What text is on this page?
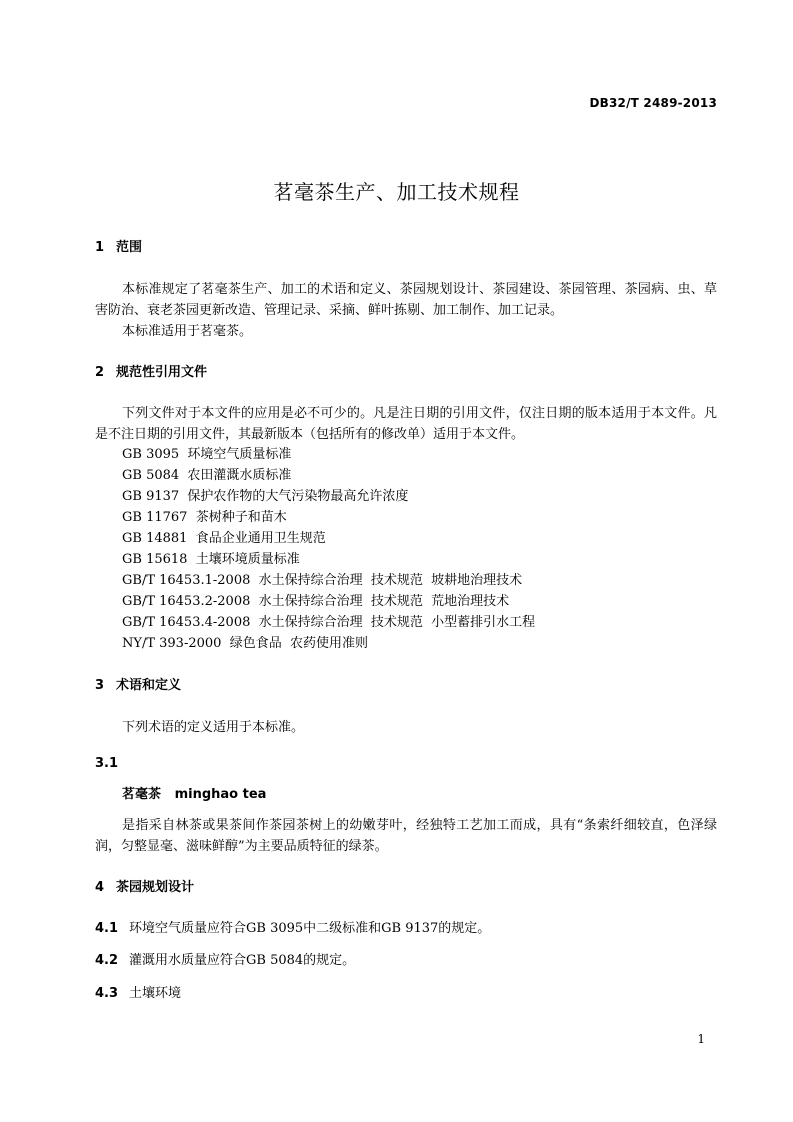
DB32/T 2489-2013
茗毫茶生产、加工技术规程
1 范围
本标准规定了茗毫茶生产、加工的术语和定义、茶园规划设计、茶园建设、茶园管理、茶园病、虫、草害防治、衰老茶园更新改造、管理记录、采摘、鲜叶拣剔、加工制作、加工记录。
本标准适用于茗毫茶。
2 规范性引用文件
下列文件对于本文件的应用是必不可少的。凡是注日期的引用文件，仅注日期的版本适用于本文件。凡是不注日期的引用文件，其最新版本（包括所有的修改单）适用于本文件。
GB 3095  环境空气质量标准
GB 5084  农田灌溉水质标准
GB 9137  保护农作物的大气污染物最高允许浓度
GB 11767  茶树种子和苗木
GB 14881  食品企业通用卫生规范
GB 15618  土壤环境质量标准
GB/T 16453.1-2008  水土保持综合治理  技术规范  坡耕地治理技术
GB/T 16453.2-2008  水土保持综合治理  技术规范  荒地治理技术
GB/T 16453.4-2008  水土保持综合治理  技术规范  小型蓄排引水工程
NY/T 393-2000  绿色食品  农药使用准则
3 术语和定义
下列术语的定义适用于本标准。
3.1
茗毫茶   minghao tea
是指采自林茶或果茶间作茶园茶树上的幼嫩芽叶，经独特工艺加工而成，具有“条索纤细较直，色泽绿润，匀整显毫、滋味鲜醇”为主要品质特征的绿茶。
4 茶园规划设计
4.1 环境空气质量应符合GB 3095中二级标准和GB 9137的规定。
4.2 灌溉用水质量应符合GB 5084的规定。
4.3 土壤环境
1
